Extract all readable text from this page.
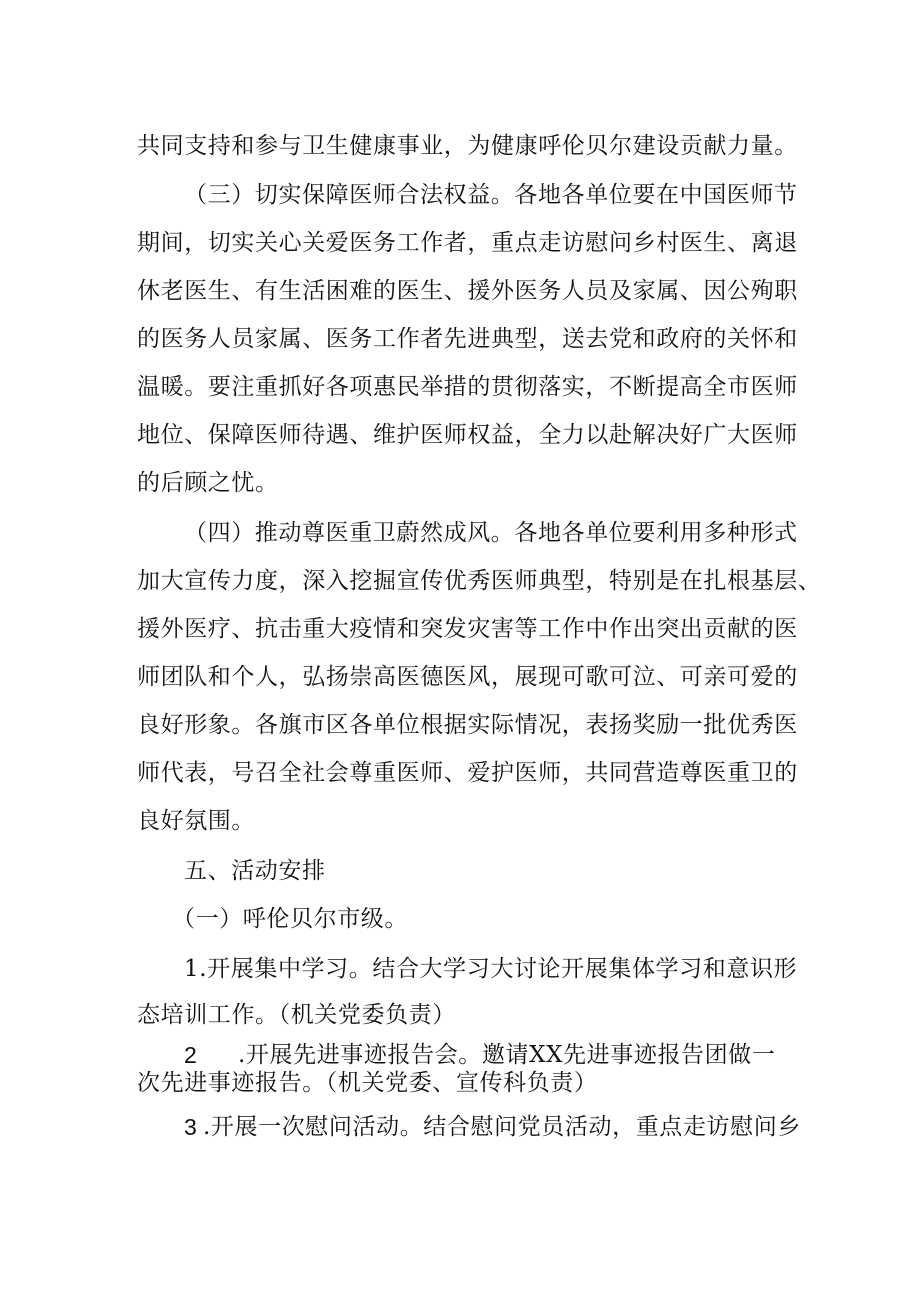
共同支持和参与卫生健康事业，为健康呼伦贝尔建设贡献力量。
（三）切实保障医师合法权益。各地各单位要在中国医师节
期间，切实关心关爱医务工作者，重点走访慰问乡村医生、离退
休老医生、有生活困难的医生、援外医务人员及家属、因公殉职
的医务人员家属、医务工作者先进典型，送去党和政府的关怀和
温暖。要注重抓好各项惠民举措的贯彻落实，不断提高全市医师
地位、保障医师待遇、维护医师权益，全力以赴解决好广大医师
的后顾之忧。
（四）推动尊医重卫蔚然成风。各地各单位要利用多种形式
加大宣传力度，深入挖掘宣传优秀医师典型，特别是在扎根基层、
援外医疗、抗击重大疫情和突发灾害等工作中作出突出贡献的医
师团队和个人，弘扬崇高医德医风，展现可歌可泣、可亲可爱的
良好形象。各旗市区各单位根据实际情况，表扬奖励一批优秀医
师代表，号召全社会尊重医师、爱护医师，共同营造尊医重卫的
良好氛围。
五、活动安排
（一）呼伦贝尔市级。
1.开展集中学习。结合大学习大讨论开展集体学习和意识形
态培训工作。（机关党委负责）
2 .开展先进事迹报告会。邀请XX先进事迹报告团做一
次先进事迹报告。（机关党委、宣传科负责）
3 .开展一次慰问活动。结合慰问党员活动，重点走访慰问乡
